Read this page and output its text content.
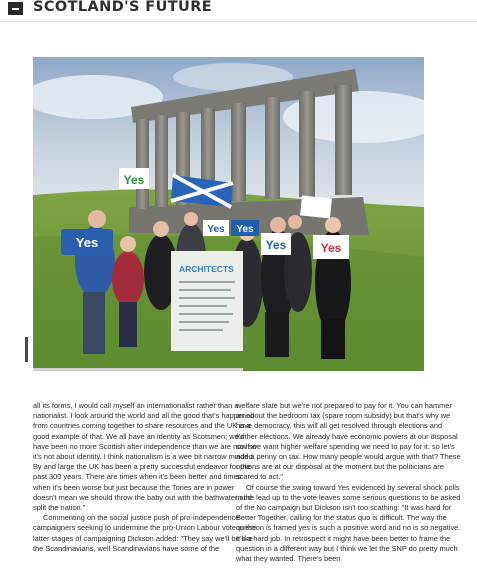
SCOTLAND'S FUTURE
Yes
Yes
Yes
Yes	Yes
Yes
ARCHITECTS

all its forms, I would call myself an internationalist rather than a nationalist. I look around the world and all the good that's happened from countries coming together to share resources and the UK is a good example of that. We all have an identity as Scotsmen; we'd have been no more Scottish after independence than we are now so it's not about identity. I think nationalism is a wee bit narrow minded. By and large the UK has been a pretty successful endeavor for the past 300 years. There are times when it's been better and times when it's been worse but just because the Tories are in power doesn't mean we should throw the baby out with the bathwater and split the nation."

Commenting on the social justice push of pro-independence campaigners seeking to undermine the pro-Union Labour vote in the latter stages of campaigning Dickson added: "They say we'll be like the Scandinavians, well Scandinavians have some of the

welfare state but we're not prepared to pay for it. You can hammer on about the bedroom tax (spare room subsidy) but that's why we have democracy, this will all get resolved through elections and further elections. We already have economic powers at our disposal so if we want higher welfare spending we need to pay for it, so let's add a penny on tax. How many people would argue with that? These options are at our disposal at the moment but the politicians are scared to act."

Of course the swing toward Yes evidenced by several shock polls in the lead up to the vote leaves some serious questions to be asked of the No campaign but Dickson isn't too scathing: "It was hard for Better Together, calling for the status quo is difficult. The way the question is framed yes is such a positive word and no is so negative. It's a hard job. In retrospect it might have been better to frame the question in a different way but I think we let the SNP do pretty much what they wanted. There's been
